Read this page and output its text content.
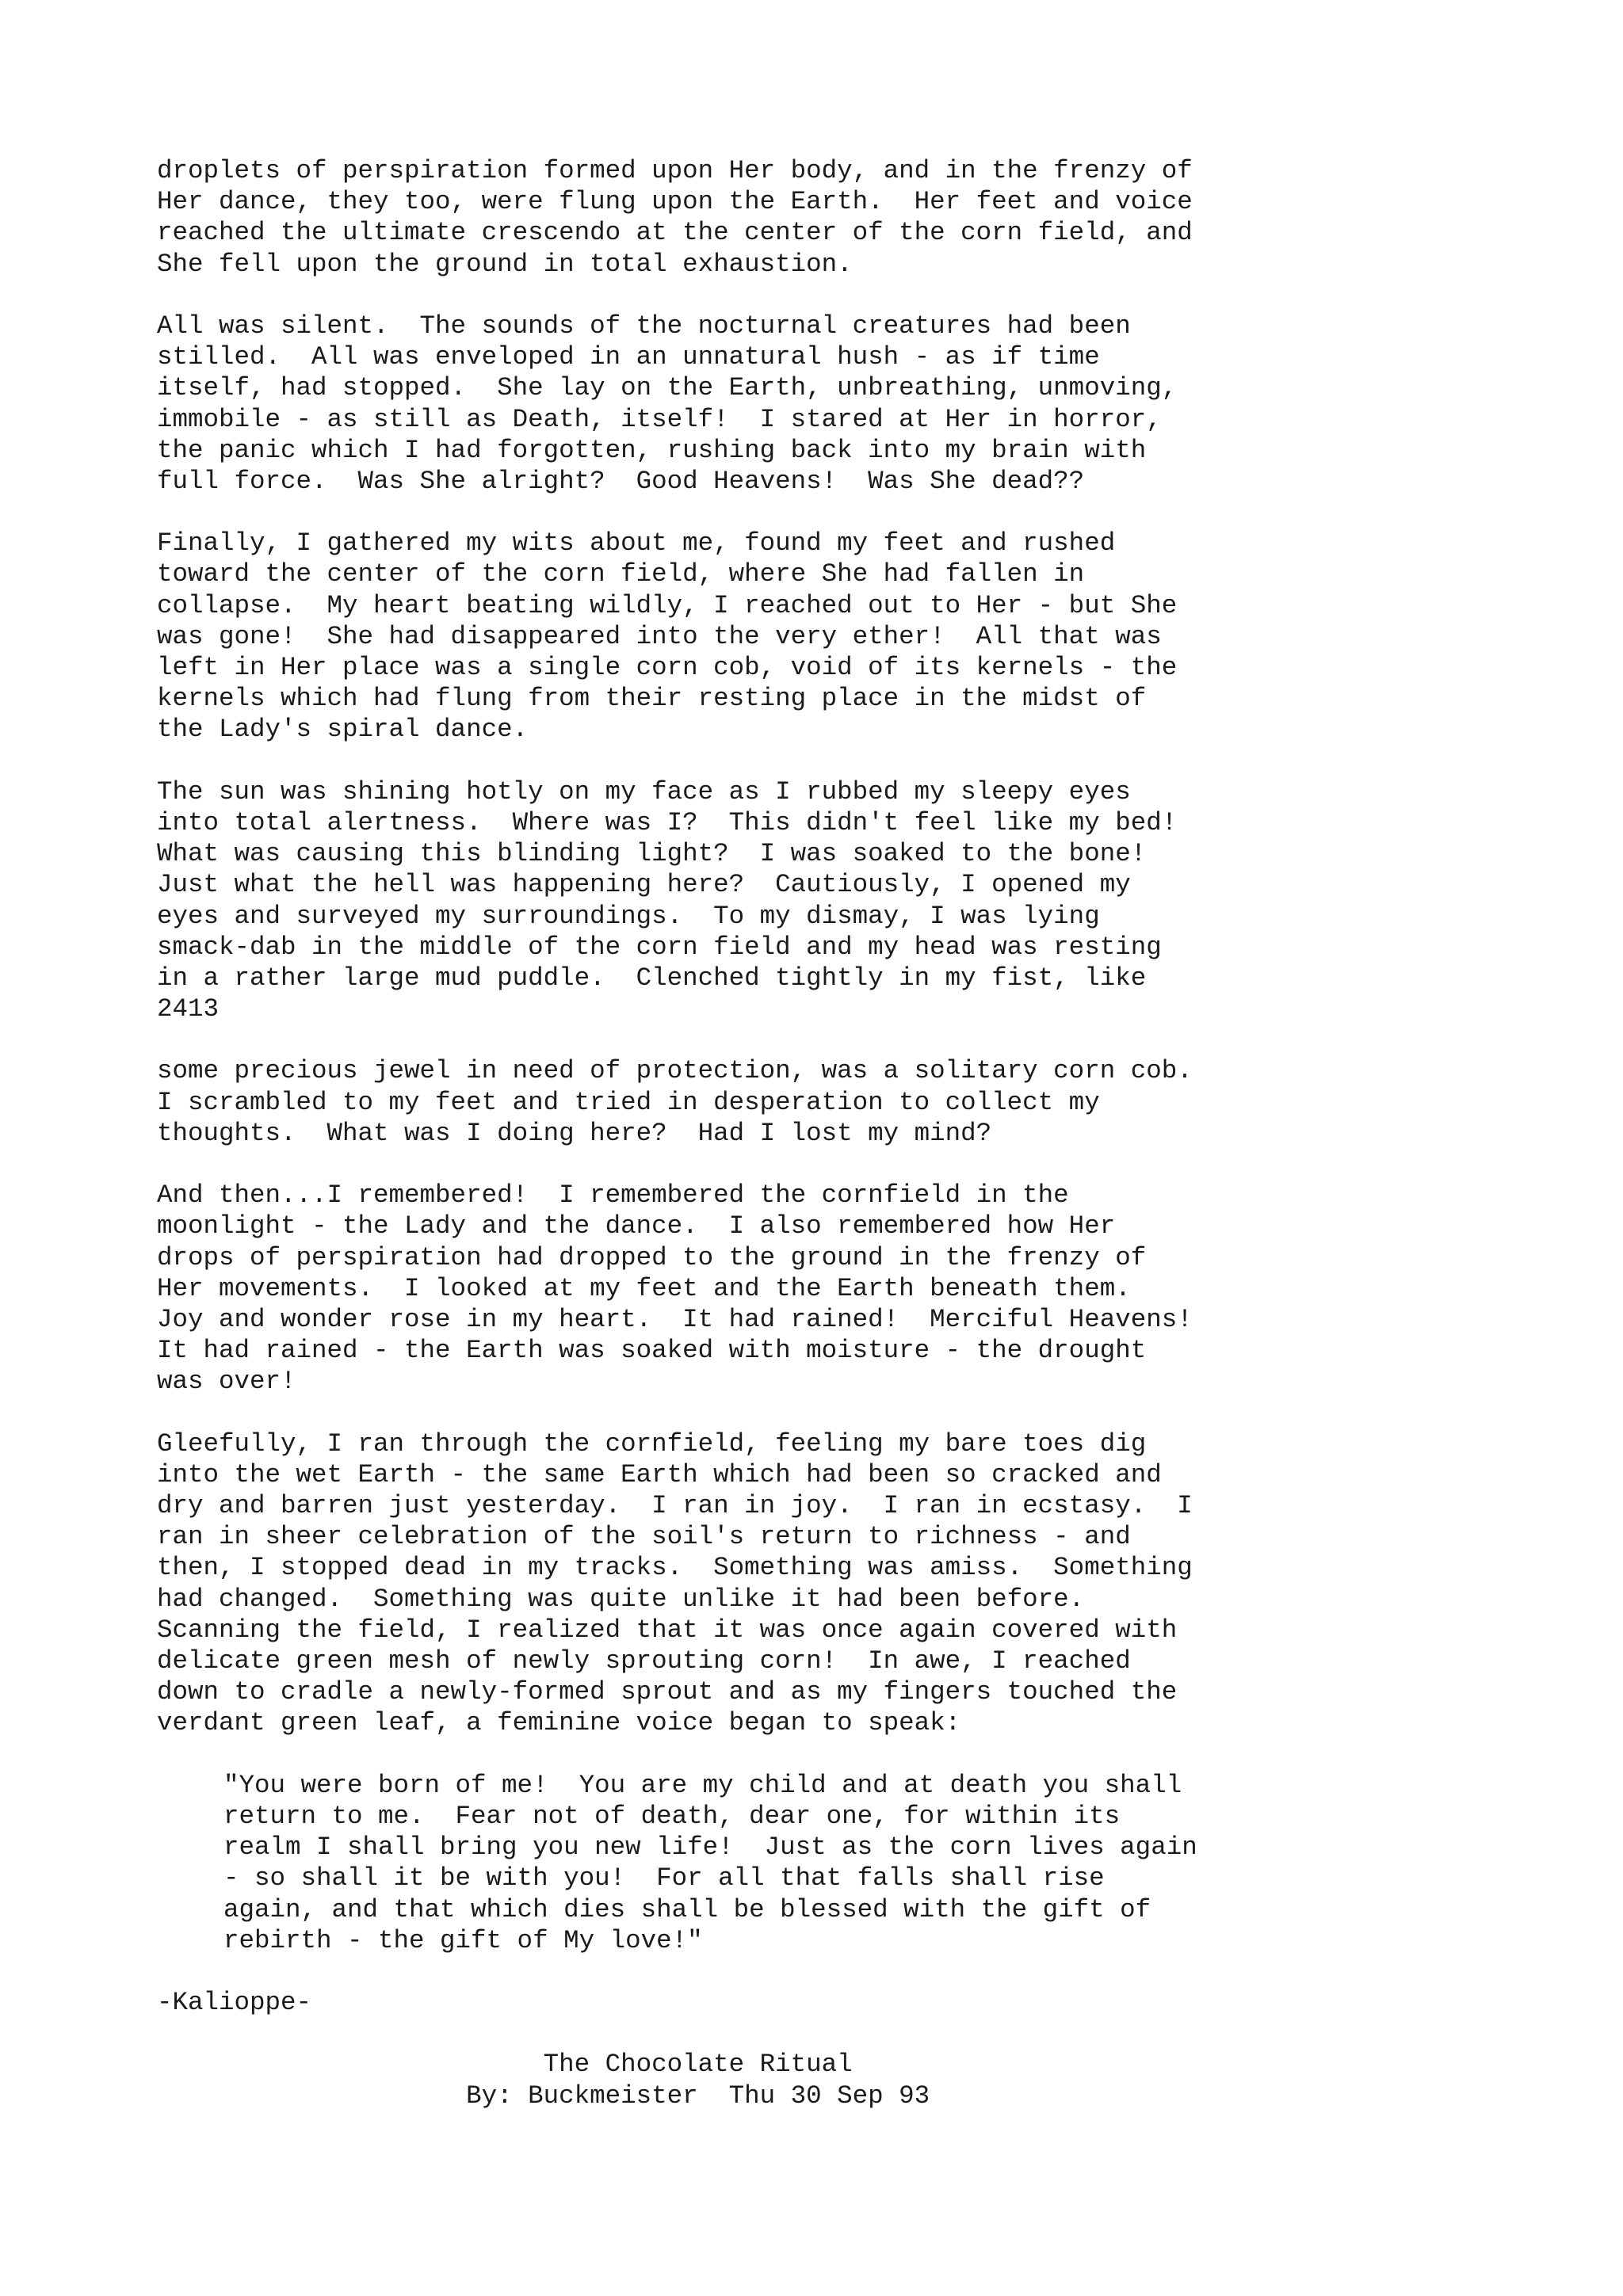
droplets of perspiration formed upon Her body, and in the frenzy of
Her dance, they too, were flung upon the Earth.  Her feet and voice
reached the ultimate crescendo at the center of the corn field, and
She fell upon the ground in total exhaustion.
All was silent.  The sounds of the nocturnal creatures had been
stilled.  All was enveloped in an unnatural hush - as if time
itself, had stopped.  She lay on the Earth, unbreathing, unmoving,
immobile - as still as Death, itself!  I stared at Her in horror,
the panic which I had forgotten, rushing back into my brain with
full force.  Was She alright?  Good Heavens!  Was She dead??
Finally, I gathered my wits about me, found my feet and rushed
toward the center of the corn field, where She had fallen in
collapse.  My heart beating wildly, I reached out to Her - but She
was gone!  She had disappeared into the very ether!  All that was
left in Her place was a single corn cob, void of its kernels - the
kernels which had flung from their resting place in the midst of
the Lady's spiral dance.
The sun was shining hotly on my face as I rubbed my sleepy eyes
into total alertness.  Where was I?  This didn't feel like my bed!
What was causing this blinding light?  I was soaked to the bone!
Just what the hell was happening here?  Cautiously, I opened my
eyes and surveyed my surroundings.  To my dismay, I was lying
smack-dab in the middle of the corn field and my head was resting
in a rather large mud puddle.  Clenched tightly in my fist, like
2413
some precious jewel in need of protection, was a solitary corn cob.
I scrambled to my feet and tried in desperation to collect my
thoughts.  What was I doing here?  Had I lost my mind?
And then...I remembered!  I remembered the cornfield in the
moonlight - the Lady and the dance.  I also remembered how Her
drops of perspiration had dropped to the ground in the frenzy of
Her movements.  I looked at my feet and the Earth beneath them.
Joy and wonder rose in my heart.  It had rained!  Merciful Heavens!
It had rained - the Earth was soaked with moisture - the drought
was over!
Gleefully, I ran through the cornfield, feeling my bare toes dig
into the wet Earth - the same Earth which had been so cracked and
dry and barren just yesterday.  I ran in joy.  I ran in ecstasy.  I
ran in sheer celebration of the soil's return to richness - and
then, I stopped dead in my tracks.  Something was amiss.  Something
had changed.  Something was quite unlike it had been before.
Scanning the field, I realized that it was once again covered with
delicate green mesh of newly sprouting corn!  In awe, I reached
down to cradle a newly-formed sprout and as my fingers touched the
verdant green leaf, a feminine voice began to speak:
"You were born of me!  You are my child and at death you shall
return to me.  Fear not of death, dear one, for within its
realm I shall bring you new life!  Just as the corn lives again
- so shall it be with you!  For all that falls shall rise
again, and that which dies shall be blessed with the gift of
rebirth - the gift of My love!"
-Kalioppe-
The Chocolate Ritual
By: Buckmeister  Thu 30 Sep 93
